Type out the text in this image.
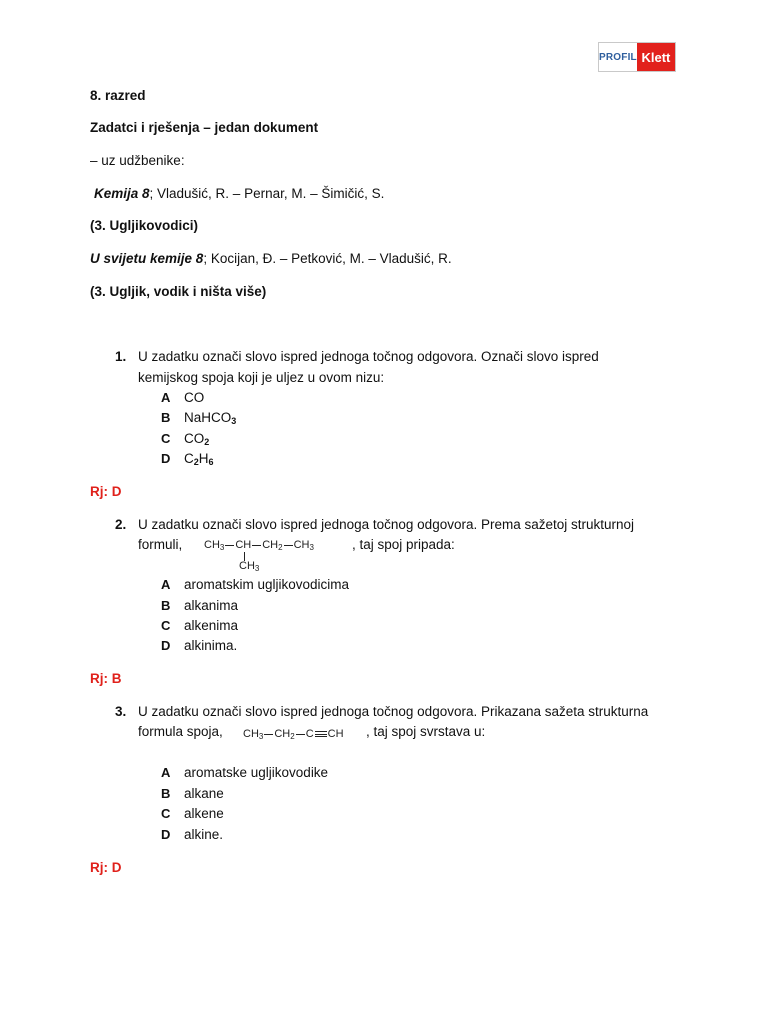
PROFIL Klett
8. razred
Zadatci i rješenja – jedan dokument
– uz udžbenike:
Kemija 8; Vladušić, R. – Pernar, M. – Šimičić, S.
(3. Ugljikovodici)
U svijetu kemije 8; Kocijan, Đ. – Petković, M. – Vladušić, R.
(3. Ugljik, vodik i ništa više)
1. U zadatku označi slovo ispred jednoga točnog odgovora. Označi slovo ispred
kemijskog spoja koji je uljez u ovom nizu:
A CO
B NaHCO$_3$
C $CO_2$
D $C_2H_6$
Rj: D
2. U zadatku označi slovo ispred jednoga točnog odgovora. Prema sažetoj strukturnoj
formuli, $CH_3$ CH $CH_2$ $CH_3$
$CH_3$
, taj spoj pripada:
A aromatskim ugljikovodicima
B alkanima
C alkenima
D alkinima.
Rj: B
3. U zadatku označi slovo ispred jednoga točnog odgovora. Prikazana sažeta strukturna
formula spoja, $CH_3$ $CH_2$ C CH , taj spoj svrstava u:
A aromatske ugljikovodike
B alkane
C alkene
D alkine.
Rj: D
